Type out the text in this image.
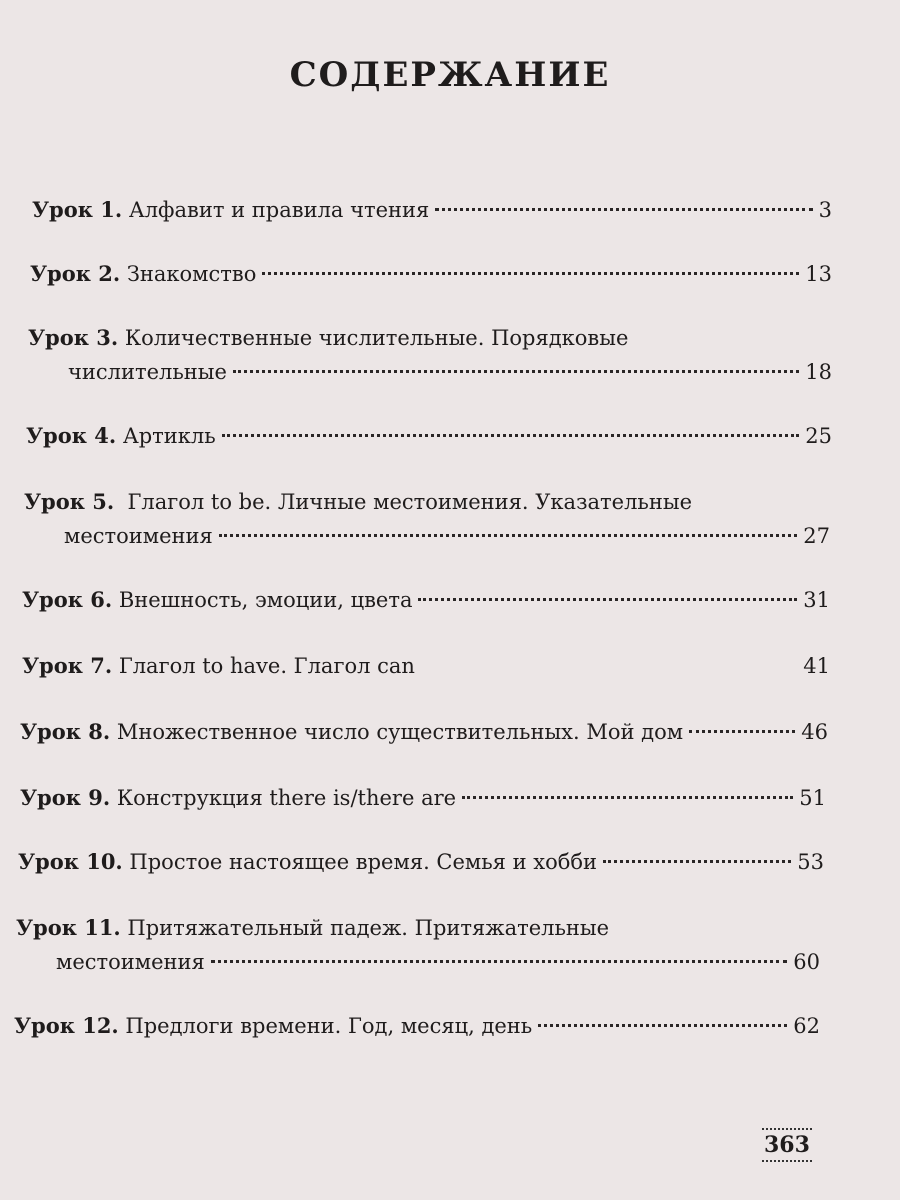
СОДЕРЖАНИЕ
Урок 1. Алфавит и правила чтения	3
Урок 2. Знакомство	13
Урок 3. Количественные числительные. Порядковые
числительные	18
Урок 4. Артикль	25
Урок 5. Глагол to be. Личные местоимения. Указательные
местоимения	27
Урок 6. Внешность, эмоции, цвета	31
Урок 7. Глагол to have. Глагол can	41
Урок 8. Множественное число существительных. Мой дом	46
Урок 9. Конструкция there is/there are	51
Урок 10. Простое настоящее время. Семья и хобби	53
Урок 11. Притяжательный падеж. Притяжательные
местоимения	60
Урок 12. Предлоги времени. Год, месяц, день	62
363
